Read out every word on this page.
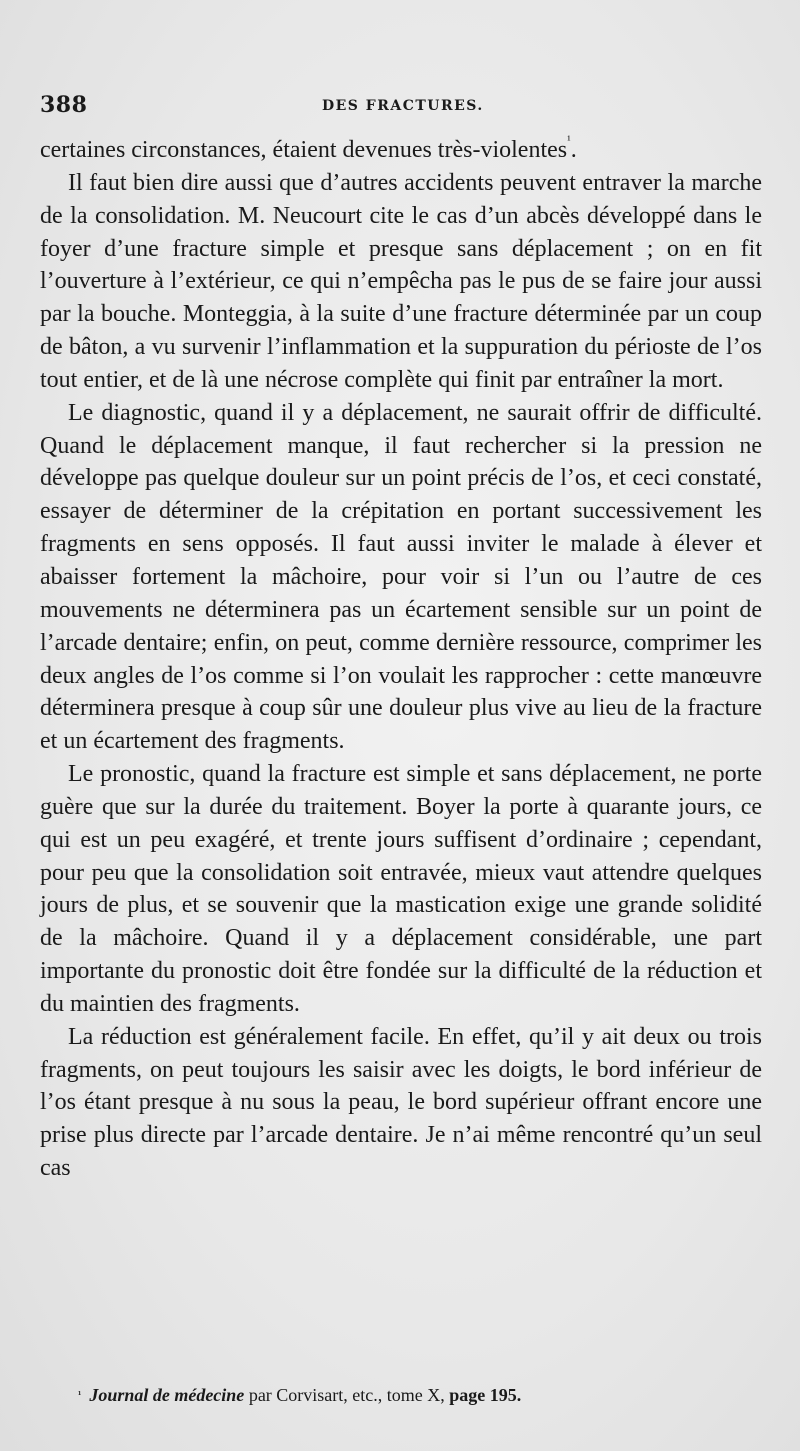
388	DES FRACTURES.

certaines circonstances, étaient devenues très-violentes$^{^1}$.

Il faut bien dire aussi que d’autres accidents peuvent entraver la marche de la consolidation. M. Neucourt cite le cas d’un abcès développé dans le foyer d’une fracture simple et presque sans déplacement ; on en fit l’ouverture à l’extérieur, ce qui n’empêcha pas le pus de se faire jour aussi par la bouche. Monteggia, à la suite d’une fracture déterminée par un coup de bâton, a vu survenir l’inflammation et la suppuration du périoste de l’os tout entier, et de là une nécrose complète qui finit par entraîner la mort.

Le diagnostic, quand il y a déplacement, ne saurait offrir de difficulté. Quand le déplacement manque, il faut rechercher si la pression ne développe pas quelque douleur sur un point précis de l’os, et ceci constaté, essayer de déterminer de la crépitation en portant successivement les fragments en sens opposés. Il faut aussi inviter le malade à élever et abaisser fortement la mâchoire, pour voir si l’un ou l’autre de ces mouvements ne déterminera pas un écartement sensible sur un point de l’arcade dentaire; enfin, on peut, comme dernière ressource, comprimer les deux angles de l’os comme si l’on voulait les rapprocher : cette manœuvre déterminera presque à coup sûr une douleur plus vive au lieu de la fracture et un écartement des fragments.

Le pronostic, quand la fracture est simple et sans déplacement, ne porte guère que sur la durée du traitement. Boyer la porte à quarante jours, ce qui est un peu exagéré, et trente jours suffisent d’ordinaire ; cependant, pour peu que la consolidation soit entravée, mieux vaut attendre quelques jours de plus, et se souvenir que la mastication exige une grande solidité de la mâchoire. Quand il y a déplacement considérable, une part importante du pronostic doit être fondée sur la difficulté de la réduction et du maintien des fragments.

La réduction est généralement facile. En effet, qu’il y ait deux ou trois fragments, on peut toujours les saisir avec les doigts, le bord inférieur de l’os étant presque à nu sous la peau, le bord supérieur offrant encore une prise plus directe par l’arcade dentaire. Je n’ai même rencontré qu’un seul cas

$^{^1}$ Journal de médecine par Corvisart, etc., tome X, page 195.
